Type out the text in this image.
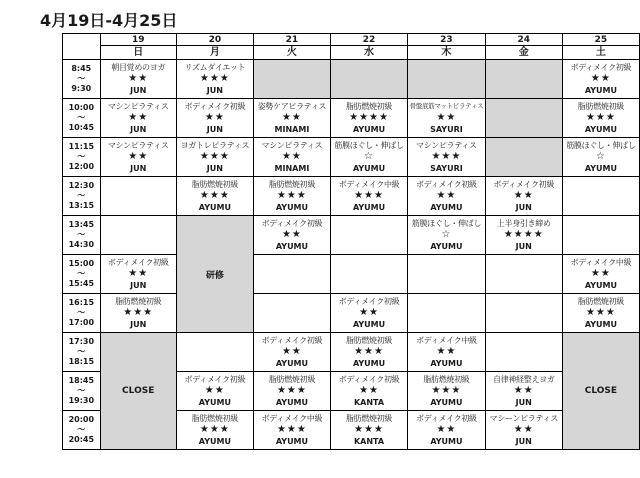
4月19日-4月25日
	19	20	21	22	23	24	25
	日	月	火	水	木	金	土

8:45
～
9:30	朝目覚めのヨガ
★★
JUN	リズムダイエット
★★★
JUN					ボディメイク初級
★★
AYUMU

10:00
～
10:45	マシンピラティス
★★
JUN	ボディメイク初級
★★
JUN	姿勢ケアピラティス
★★
MINAMI	脂肪燃焼初級
★★★★
AYUMU	骨盤底筋マットピラティス
★★
SAYURI		脂肪燃焼初級
★★★
AYUMU

11:15
～
12:00	マシンピラティス
★★
JUN	ヨガトレピラティス
★★★
JUN	マシンピラティス
★★
MINAMI	筋膜ほぐし・伸ばし
☆
AYUMU	マシンピラティス
★★★
SAYURI		筋膜ほぐし・伸ばし
☆
AYUMU

12:30
～
13:15		脂肪燃焼初級
★★★
AYUMU	脂肪燃焼初級
★★★
AYUMU	ボディメイク中級
★★★
AYUMU	ボディメイク初級
★★
AYUMU	ボディメイク初級
★★
JUN	

13:45
～
14:30		研修	ボディメイク初級
★★
AYUMU		筋膜ほぐし・伸ばし
☆
AYUMU	上半身引き締め
★★★★
JUN	

15:00
～
15:45	ボディメイク初級
★★
JUN						ボディメイク中級
★★
AYUMU

16:15
～
17:00	脂肪燃焼初級
★★★
JUN			ボディメイク初級
★★
AYUMU			脂肪燃焼初級
★★★
AYUMU

17:30
～
18:15	CLOSE		ボディメイク初級
★★
AYUMU	脂肪燃焼初級
★★★
AYUMU	ボディメイク中級
★★
AYUMU		CLOSE

18:45
～
19:30		ボディメイク初級
★★
AYUMU	脂肪燃焼初級
★★★
AYUMU	ボディメイク初級
★★
KANTA	脂肪燃焼初級
★★★
AYUMU	自律神経整えヨガ
★★
JUN	

20:00
～
20:45		脂肪燃焼初級
★★★
AYUMU	ボディメイク中級
★★★
AYUMU	脂肪燃焼初級
★★★
KANTA	ボディメイク初級
★★
AYUMU	マシーンピラティス
★★
JUN	
